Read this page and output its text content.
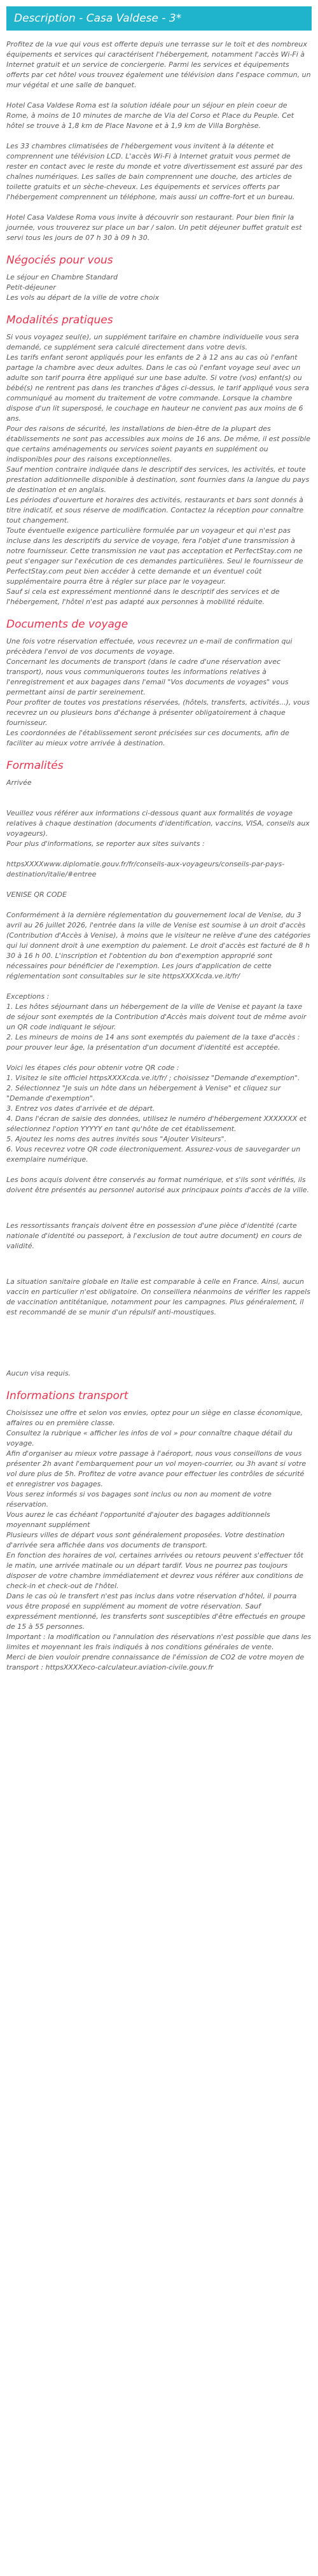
Description - Casa Valdese - 3*

Profitez de la vue qui vous est offerte depuis une terrasse sur le toit et des nombreux équipements et services qui caractérisent l'hébergement, notamment l'accès Wi-Fi à Internet gratuit et un service de conciergerie. Parmi les services et équipements offerts par cet hôtel vous trouvez également une télévision dans l'espace commun, un mur végétal et une salle de banquet.

Hotel Casa Valdese Roma est la solution idéale pour un séjour en plein coeur de Rome, à moins de 10 minutes de marche de Via del Corso et Place du Peuple. Cet hôtel se trouve à 1,8 km de Place Navone et à 1,9 km de Villa Borghèse.

Les 33 chambres climatisées de l'hébergement vous invitent à la détente et comprennent une télévision LCD. L'accès Wi-Fi à Internet gratuit vous permet de rester en contact avec le reste du monde et votre divertissement est assuré par des chaînes numériques. Les salles de bain comprennent une douche, des articles de toilette gratuits et un sèche-cheveux. Les équipements et services offerts par l'hébergement comprennent un téléphone, mais aussi un coffre-fort et un bureau.

Hotel Casa Valdese Roma vous invite à découvrir son restaurant. Pour bien finir la journée, vous trouverez sur place un bar / salon. Un petit déjeuner buffet gratuit est servi tous les jours de 07 h 30 à 09 h 30.

Négociés pour vous
Le séjour en Chambre Standard
Petit-déjeuner
Les vols au départ de la ville de votre choix
Modalités pratiques
Si vous voyagez seul(e), un supplément tarifaire en chambre individuelle vous sera demandé, ce supplément sera calculé directement dans votre devis.
Les tarifs enfant seront appliqués pour les enfants de 2 à 12 ans au cas où l'enfant partage la chambre avec deux adultes. Dans le cas où l'enfant voyage seul avec un adulte son tarif pourra être appliqué sur une base adulte. Si votre (vos) enfant(s) ou bébé(s) ne rentrent pas dans les tranches d'âges ci-dessus, le tarif appliqué vous sera communiqué au moment du traitement de votre commande. Lorsque la chambre dispose d'un lit supersposé, le couchage en hauteur ne convient pas aux moins de 6 ans.
Pour des raisons de sécurité, les installations de bien-être de la plupart des établissements ne sont pas accessibles aux moins de 16 ans. De même, il est possible que certains aménagements ou services soient payants en supplément ou indisponibles pour des raisons exceptionnelles.
Sauf mention contraire indiquée dans le descriptif des services, les activités, et toute prestation additionnelle disponible à destination, sont fournies dans la langue du pays de destination et en anglais.
Les périodes d'ouverture et horaires des activités, restaurants et bars sont donnés à titre indicatif, et sous réserve de modification. Contactez la réception pour connaître tout changement.
Toute éventuelle exigence particulière formulée par un voyageur et qui n'est pas incluse dans les descriptifs du service de voyage, fera l'objet d'une transmission à notre fournisseur. Cette transmission ne vaut pas acceptation et PerfectStay.com ne peut s'engager sur l'exécution de ces demandes particulières. Seul le fournisseur de PerfectStay.com peut bien accéder à cette demande et un éventuel coût supplémentaire pourra être à régler sur place par le voyageur.
Sauf si cela est expressément mentionné dans le descriptif des services et de l'hébergement, l'hôtel n'est pas adapté aux personnes à mobilité réduite.
Documents de voyage
Une fois votre réservation effectuée, vous recevrez un e-mail de confirmation qui précèdera l'envoi de vos documents de voyage.
Concernant les documents de transport (dans le cadre d'une réservation avec transport), nous vous communiquerons toutes les informations relatives à l'enregistrement et aux bagages dans l'email "Vos documents de voyages" vous permettant ainsi de partir sereinement.
Pour profiter de toutes vos prestations réservées, (hôtels, transferts, activités...), vous recevrez un ou plusieurs bons d'échange à présenter obligatoirement à chaque fournisseur.
Les coordonnées de l'établissement seront précisées sur ces documents, afin de faciliter au mieux votre arrivée à destination.
Formalités
Arrivée
Veuillez vous référer aux informations ci-dessous quant aux formalités de voyage relatives à chaque destination (documents d'identification, vaccins, VISA, conseils aux voyageurs).
Pour plus d'informations, se reporter aux sites suivants :
httpsXXXXwww.diplomatie.gouv.fr/fr/conseils-aux-voyageurs/conseils-par-pays-destination/italie/#entree
VENISE QR CODE
Conformément à la dernière réglementation du gouvernement local de Venise, du 3 avril au 26 juillet 2026, l'entrée dans la ville de Venise est soumise à un droit d'accès (Contribution d'Accès à Venise), à moins que le visiteur ne relève d'une des catégories qui lui donnent droit à une exemption du paiement. Le droit d'accès est facturé de 8 h 30 à 16 h 00. L'inscription et l'obtention du bon d'exemption approprié sont nécessaires pour bénéficier de l'exemption. Les jours d'application de cette réglementation sont consultables sur le site httpsXXXXcda.ve.it/fr/
Exceptions :
1. Les hôtes séjournant dans un hébergement de la ville de Venise et payant la taxe de séjour sont exemptés de la Contribution d'Accès mais doivent tout de même avoir un QR code indiquant le séjour.
2. Les mineurs de moins de 14 ans sont exemptés du paiement de la taxe d'accès : pour prouver leur âge, la présentation d'un document d'identité est acceptée.
Voici les étapes clés pour obtenir votre QR code :
1. Visitez le site officiel httpsXXXXcda.ve.it/fr/ ; choisissez "Demande d'exemption".
2. Sélectionnez "Je suis un hôte dans un hébergement à Venise" et cliquez sur "Demande d'exemption".
3. Entrez vos dates d'arrivée et de départ.
4. Dans l'écran de saisie des données, utilisez le numéro d'hébergement XXXXXXX et sélectionnez l'option YYYYY en tant qu'hôte de cet établissement.
5. Ajoutez les noms des autres invités sous "Ajouter Visiteurs".
6. Vous recevrez votre QR code électroniquement. Assurez-vous de sauvegarder un exemplaire numérique.
Les bons acquis doivent être conservés au format numérique, et s'ils sont vérifiés, ils doivent être présentés au personnel autorisé aux principaux points d'accès de la ville.
Les ressortissants français doivent être en possession d'une pièce d'identité (carte nationale d'identité ou passeport, à l'exclusion de tout autre document) en cours de validité.
La situation sanitaire globale en Italie est comparable à celle en France. Ainsi, aucun vaccin en particulier n'est obligatoire. On conseillera néanmoins de vérifier les rappels de vaccination antitétanique, notamment pour les campagnes. Plus généralement, il est recommandé de se munir d'un répulsif anti-moustiques.
Aucun visa requis.
Informations transport
Choisissez une offre et selon vos envies, optez pour un siège en classe économique, affaires ou en première classe.
Consultez la rubrique « afficher les infos de vol » pour connaître chaque détail du voyage.
Afin d'organiser au mieux votre passage à l'aéroport, nous vous conseillons de vous présenter 2h avant l'embarquement pour un vol moyen-courrier, ou 3h avant si votre vol dure plus de 5h. Profitez de votre avance pour effectuer les contrôles de sécurité et enregistrer vos bagages.
Vous serez informés si vos bagages sont inclus ou non au moment de votre réservation.
Vous aurez le cas échéant l'opportunité d'ajouter des bagages additionnels moyennant supplément
Plusieurs villes de départ vous sont généralement proposées. Votre destination d'arrivée sera affichée dans vos documents de transport.
En fonction des horaires de vol, certaines arrivées ou retours peuvent s'effectuer tôt le matin, une arrivée matinale ou un départ tardif. Vous ne pourrez pas toujours disposer de votre chambre immédiatement et devrez vous référer aux conditions de check-in et check-out de l'hôtel.
Dans le cas où le transfert n'est pas inclus dans votre réservation d'hôtel, il pourra vous être proposé en supplément au moment de votre réservation. Sauf expressément mentionné, les transferts sont susceptibles d'être effectués en groupe de 15 à 55 personnes.
Important : la modification ou l'annulation des réservations n'est possible que dans les limites et moyennant les frais indiqués à nos conditions générales de vente.
Merci de bien vouloir prendre connaissance de l'émission de CO2 de votre moyen de transport : httpsXXXXeco-calculateur.aviation-civile.gouv.fr
